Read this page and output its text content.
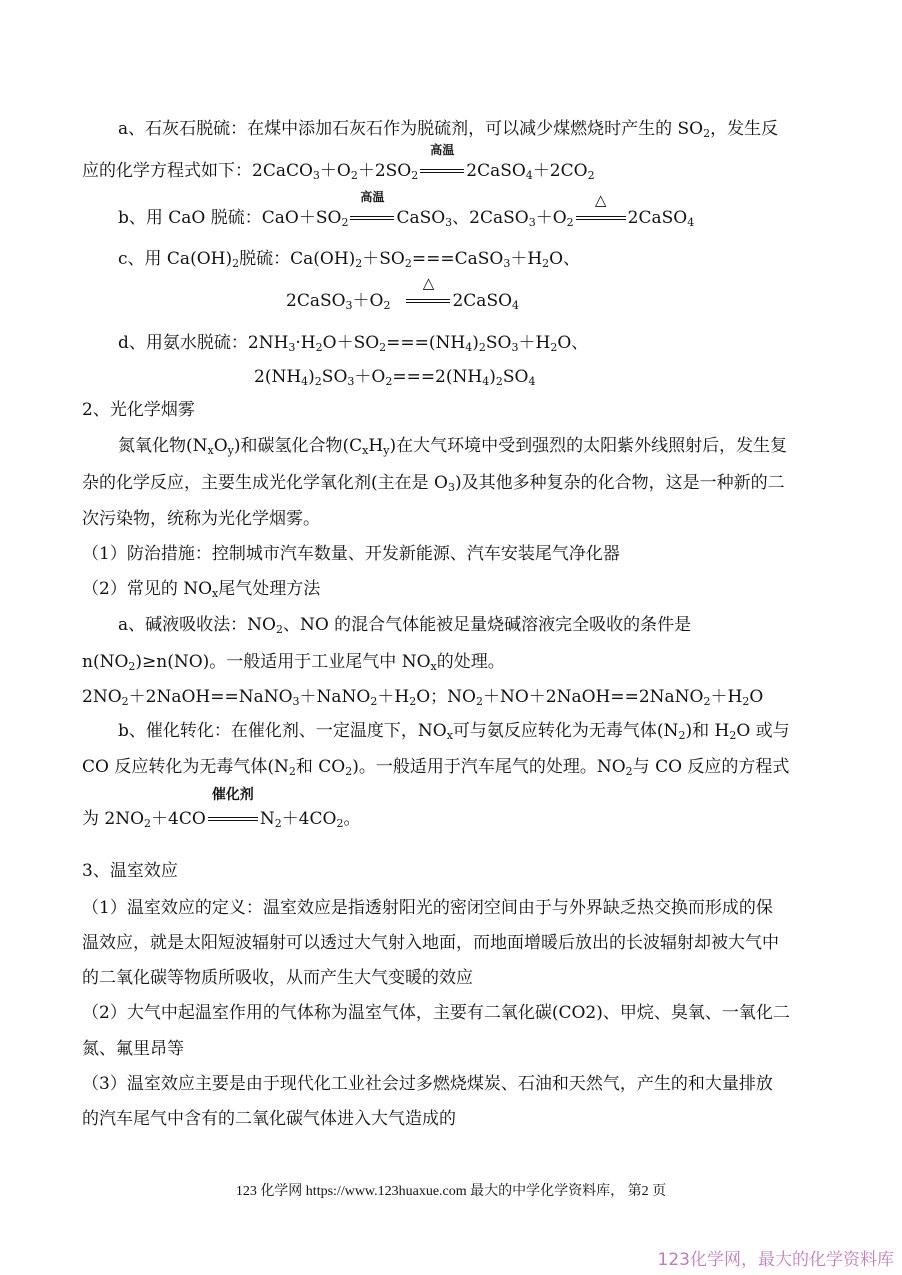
a、石灰石脱硫：在煤中添加石灰石作为脱硫剂，可以减少煤燃烧时产生的 $SO_2$，发生反
应的化学方程式如下：$2CaCO_3+O_2+2SO_2$
高温
$2CaSO_4+2CO_2$
b、用 CaO 脱硫：$CaO+SO_2$
高温
CaSO$_3$、$2CaSO_3+O_2$
△
2CaSO$_4$
c、用 $Ca(OH)_2$脱硫：$Ca(OH)_2+SO_2===CaSO_3+H_2O$、
$2CaSO_3+O_2$
△
2CaSO$_4$
d、用氨水脱硫：$2NH_3\cdot H_2O+SO_2===(NH_4)_2SO_3+H_2O$、
$2(NH_4)_2SO_3+O_2===2(NH_4)_2SO_4$
2、光化学烟雾
氮氧化物$(N_xO_y)$和碳氢化合物$(C_xH_y)$在大气环境中受到强烈的太阳紫外线照射后，发生复
杂的化学反应，主要生成光化学氧化剂(主在是 $O_3$)及其他多种复杂的化合物，这是一种新的二
次污染物，统称为光化学烟雾。
（1）防治措施：控制城市汽车数量、开发新能源、汽车安装尾气净化器
（2）常见的 $NO_x$尾气处理方法
a、碱液吸收法：$NO_2$、NO 的混合气体能被足量烧碱溶液完全吸收的条件是
$n(NO_2)\ge n(NO)$。一般适用于工业尾气中 $NO_x$的处理。
$2NO_2+2NaOH==NaNO_3+NaNO_2+H_2O$；$NO_2+NO+2NaOH==2NaNO_2+H_2O$
b、催化转化：在催化剂、一定温度下，$NO_x$可与氨反应转化为无毒气体$(N_2)$和 $H_2O$ 或与
CO 反应转化为无毒气体($N_2$和 $CO_2$)。一般适用于汽车尾气的处理。$NO_2$与 CO 反应的方程式
为 $2NO_2+4CO$
催化剂
$N_2+4CO_2$。
3、温室效应
（1）温室效应的定义：温室效应是指透射阳光的密闭空间由于与外界缺乏热交换而形成的保
温效应，就是太阳短波辐射可以透过大气射入地面，而地面增暖后放出的长波辐射却被大气中
的二氧化碳等物质所吸收，从而产生大气变暖的效应
（2）大气中起温室作用的气体称为温室气体，主要有二氧化碳(CO2)、甲烷、臭氧、一氧化二
氮、氟里昂等
（3）温室效应主要是由于现代化工业社会过多燃烧煤炭、石油和天然气，产生的和大量排放
的汽车尾气中含有的二氧化碳气体进入大气造成的
123 化学网 https://www.123huaxue.com 最大的中学化学资料库， 第2 页
123化学网，最大的化学资料库
